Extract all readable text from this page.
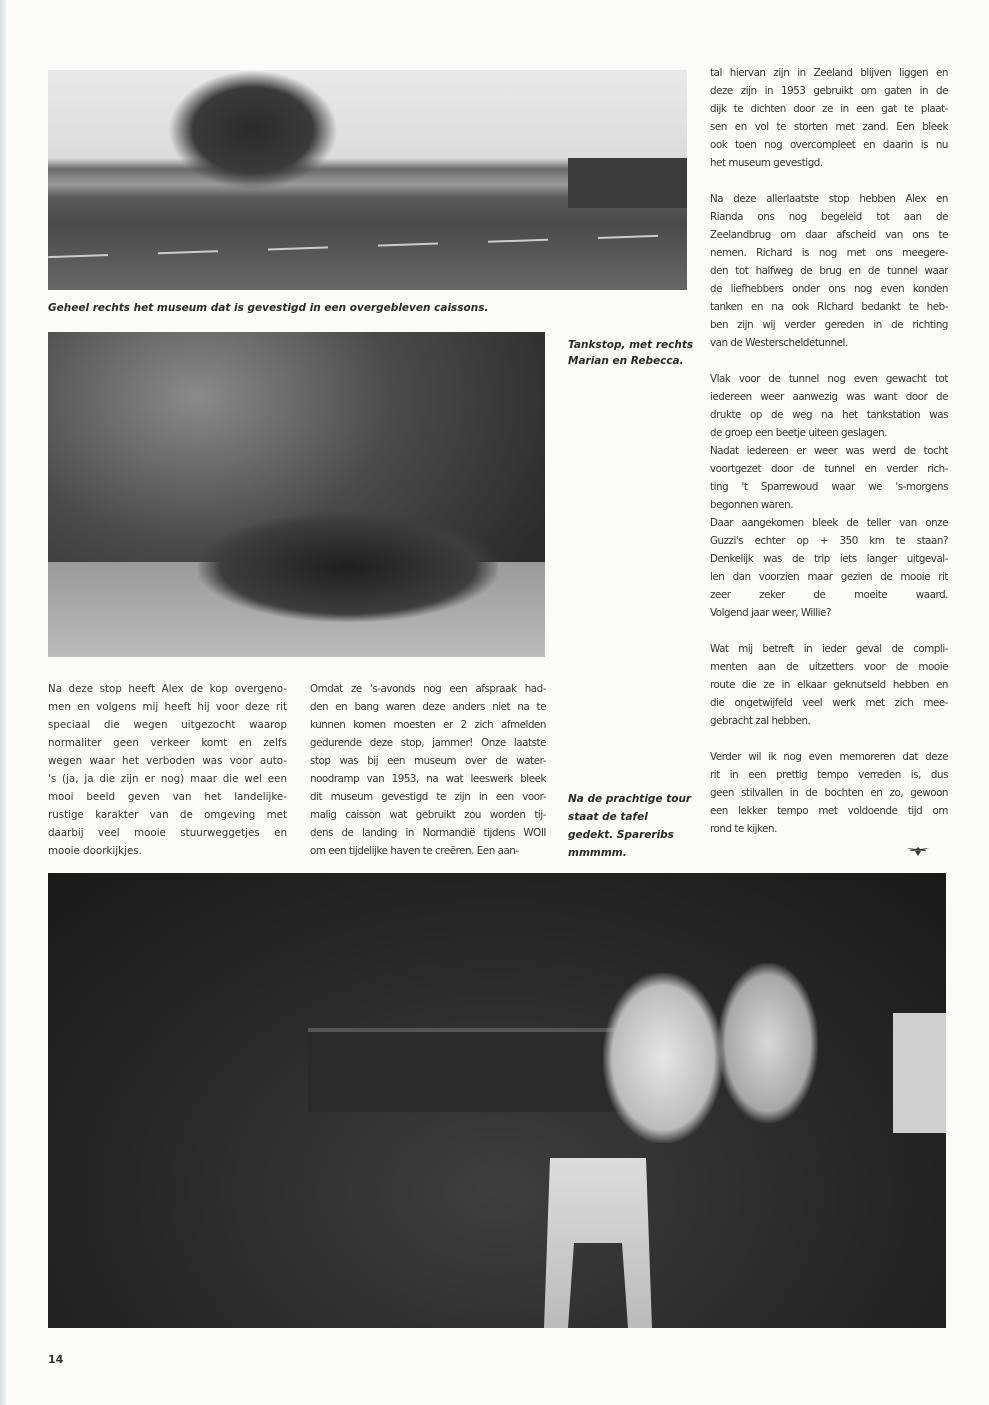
Geheel rechts het museum dat is gevestigd in een overgebleven caissons.
Tankstop, met rechts
Marian en Rebecca.

Na deze stop heeft Alex de kop overgeno-
men en volgens mij heeft hij voor deze rit
speciaal die wegen uitgezocht waarop
normaliter geen verkeer komt en zelfs
wegen waar het verboden was voor auto-
's (ja, ja die zijn er nog) maar die wel een
mooi beeld geven van het landelijke-
rustige karakter van de omgeving met
daarbij veel mooie stuurweggetjes en
mooie doorkijkjes.

Omdat ze 's-avonds nog een afspraak had-
den en bang waren deze anders niet na te
kunnen komen moesten er 2 zich afmelden
gedurende deze stop, jammer! Onze laatste
stop was bij een museum over de water-
noodramp van 1953, na wat leeswerk bleek
dit museum gevestigd te zijn in een voor-
malig caisson wat gebruikt zou worden tij-
dens de landing in Normandië tijdens WOII
om een tijdelijke haven te creëren. Een aan-

Na de prachtige tour
staat de tafel
gedekt. Spareribs
mmmmm.

tal hiervan zijn in Zeeland blijven liggen en
deze zijn in 1953 gebruikt om gaten in de
dijk te dichten door ze in een gat te plaat-
sen en vol te storten met zand. Een bleek
ook toen nog overcompleet en daarin is nu
het museum gevestigd.

Na deze allerlaatste stop hebben Alex en
Rianda ons nog begeleid tot aan de
Zeelandbrug om daar afscheid van ons te
nemen. Richard is nog met ons meegere-
den tot halfweg de brug en de tunnel waar
de liefhebbers onder ons nog even konden
tanken en na ook Richard bedankt te heb-
ben zijn wij verder gereden in de richting
van de Westerscheldetunnel.

Vlak voor de tunnel nog even gewacht tot
iedereen weer aanwezig was want door de
drukte op de weg na het tankstation was
de groep een beetje uiteen geslagen.
Nadat iedereen er weer was werd de tocht
voortgezet door de tunnel en verder rich-
ting 't Sparrewoud waar we 's-morgens
begonnen waren.
Daar aangekomen bleek de teller van onze
Guzzi's echter op + 350 km te staan?
Denkelijk was de trip iets langer uitgeval-
len dan voorzien maar gezien de mooie rit
zeer zeker de moeite waard.
Volgend jaar weer, Willie?

Wat mij betreft in ieder geval de compli-
menten aan de uitzetters voor de mooie
route die ze in elkaar geknutseld hebben en
die ongetwijfeld veel werk met zich mee-
gebracht zal hebben.

Verder wil ik nog even memoreren dat deze
rit in een prettig tempo verreden is, dus
geen stilvallen in de bochten en zo, gewoon
een lekker tempo met voldoende tijd om
rond te kijken.

14
